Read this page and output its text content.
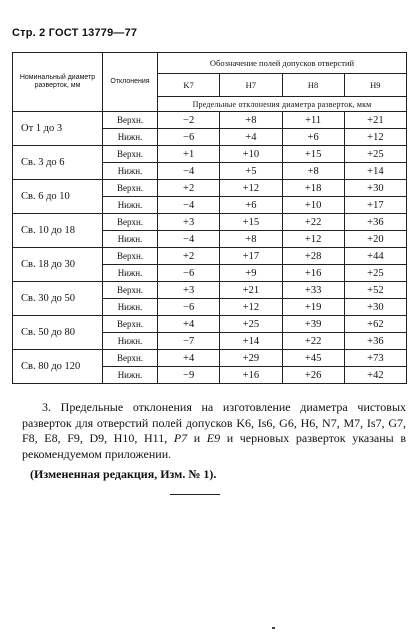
Стр. 2 ГОСТ 13779—77
Номинальный диаметр разверток, мм	Отклонения	Обозначение полей допусков отверстий			
		K7	H7	H8	H9
		Предельные отклонения диаметра разверток, мкм			
От 1 до 3	Верхн.	−2	+8	+11	+21
	Нижн.	−6	+4	+6	+12
Св. 3 до 6	Верхн.	+1	+10	+15	+25
	Нижн.	−4	+5	+8	+14
Св. 6 до 10	Верхн.	+2	+12	+18	+30
	Нижн.	−4	+6	+10	+17
Св. 10 до 18	Верхн.	+3	+15	+22	+36
	Нижн.	−4	+8	+12	+20
Св. 18 до 30	Верхн.	+2	+17	+28	+44
	Нижн.	−6	+9	+16	+25
Св. 30 до 50	Верхн.	+3	+21	+33	+52
	Нижн.	−6	+12	+19	+30
Св. 50 до 80	Верхн.	+4	+25	+39	+62
	Нижн.	−7	+14	+22	+36
Св. 80 до 120	Верхн.	+4	+29	+45	+73
	Нижн.	−9	+16	+26	+42

3. Предельные отклонения на изготовление диаметра чистовых разверток для отверстий полей допусков K6, Is6, G6, H6, N7, M7, Is7, G7, F8, E8, F9, D9, H10, H11, P7 и E9 и черновых разверток указаны в рекомендуемом приложении.

(Измененная редакция, Изм. № 1).
